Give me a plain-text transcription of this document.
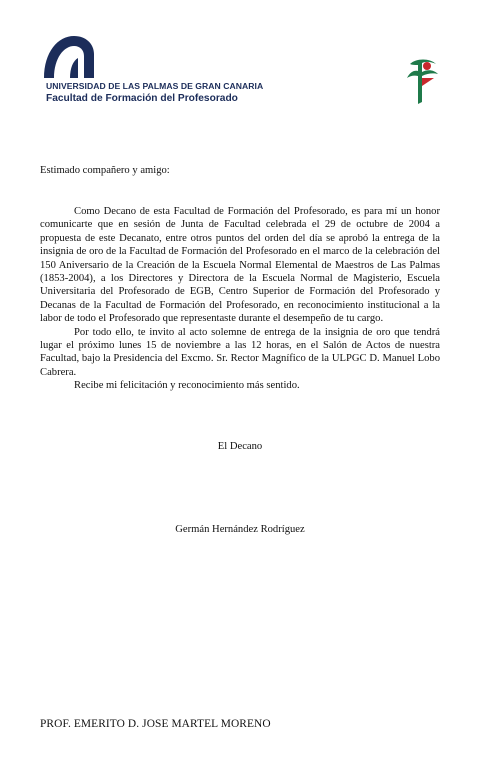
UNIVERSIDAD DE LAS PALMAS DE GRAN CANARIA
Facultad de Formación del Profesorado
Estimado compañero y amigo:

Como Decano de esta Facultad de Formación del Profesorado, es para mí un honor comunicarte que en sesión de Junta de Facultad celebrada el 29 de octubre de 2004 a propuesta de este Decanato, entre otros puntos del orden del día se aprobó la entrega de la insignia de oro de la Facultad de Formación del Profesorado en el marco de la celebración del 150 Aniversario de la Creación de la Escuela Normal Elemental de Maestros de Las Palmas (1853-2004), a los Directores y Directora de la Escuela Normal de Magisterio, Escuela Universitaria del Profesorado de EGB, Centro Superior de Formación del Profesorado y Decanas de la Facultad de Formación del Profesorado, en reconocimiento institucional a la labor de todo el Profesorado que representaste durante el desempeño de tu cargo.

Por todo ello, te invito al acto solemne de entrega de la insignia de oro que tendrá lugar el próximo lunes 15 de noviembre a las 12 horas, en el Salón de Actos de nuestra Facultad, bajo la Presidencia del Excmo. Sr. Rector Magnífico de la ULPGC D. Manuel Lobo Cabrera.

Recibe mi felicitación y reconocimiento más sentido.

El Decano
Germán Hernández Rodríguez
PROF. EMERITO D. JOSE MARTEL MORENO
